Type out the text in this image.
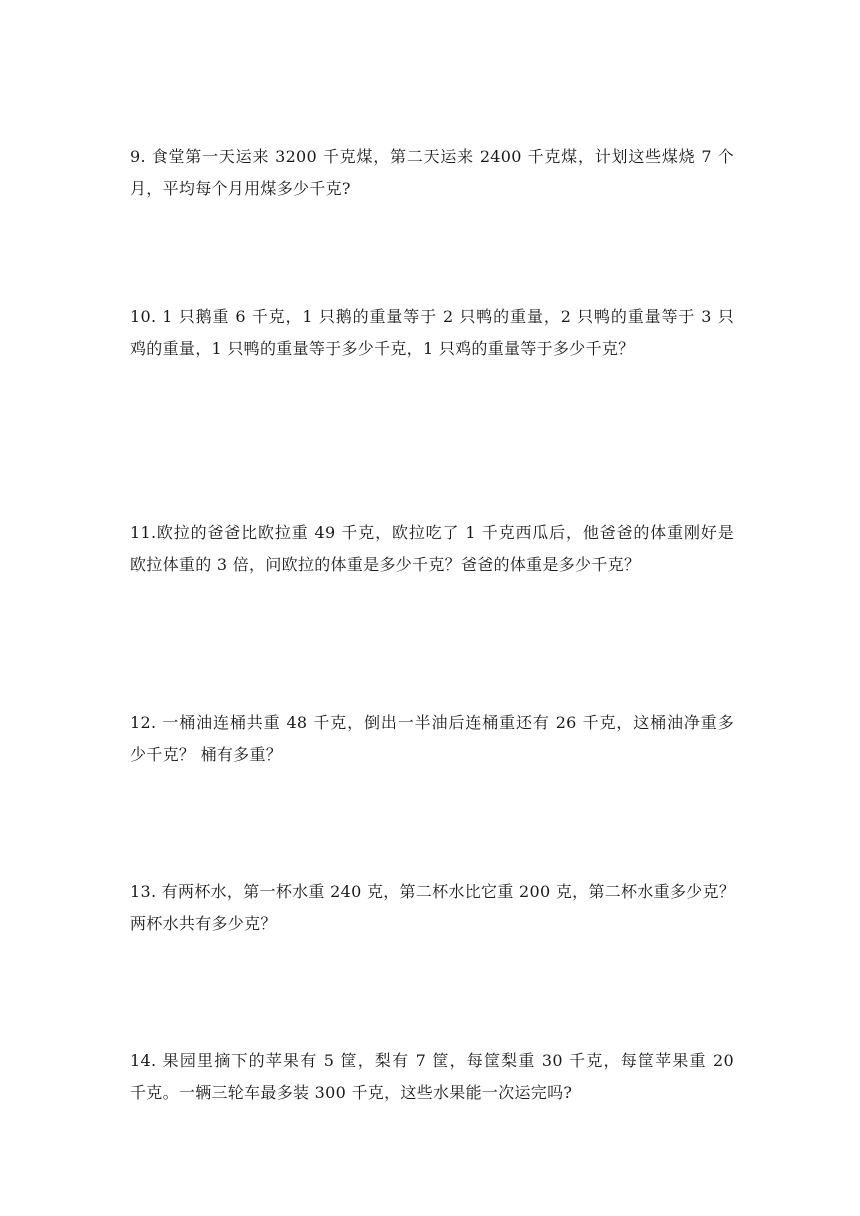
9. 食堂第一天运来 3200 千克煤，第二天运来 2400 千克煤，计划这些煤烧 7 个
月，平均每个月用煤多少千克?
10. 1 只鹅重 6 千克，1 只鹅的重量等于 2 只鸭的重量，2 只鸭的重量等于 3 只
鸡的重量，1 只鸭的重量等于多少千克，1 只鸡的重量等于多少千克？
11.欧拉的爸爸比欧拉重 49 千克，欧拉吃了 1 千克西瓜后，他爸爸的体重刚好是
欧拉体重的 3 倍，问欧拉的体重是多少千克？爸爸的体重是多少千克？
12. 一桶油连桶共重 48 千克，倒出一半油后连桶重还有 26 千克，这桶油净重多
少千克？ 桶有多重？
13. 有两杯水，第一杯水重 240 克，第二杯水比它重 200 克，第二杯水重多少克？
两杯水共有多少克？
14. 果园里摘下的苹果有 5 筐，梨有 7 筐，每筐梨重 30 千克，每筐苹果重 20
千克。一辆三轮车最多装 300 千克，这些水果能一次运完吗?
